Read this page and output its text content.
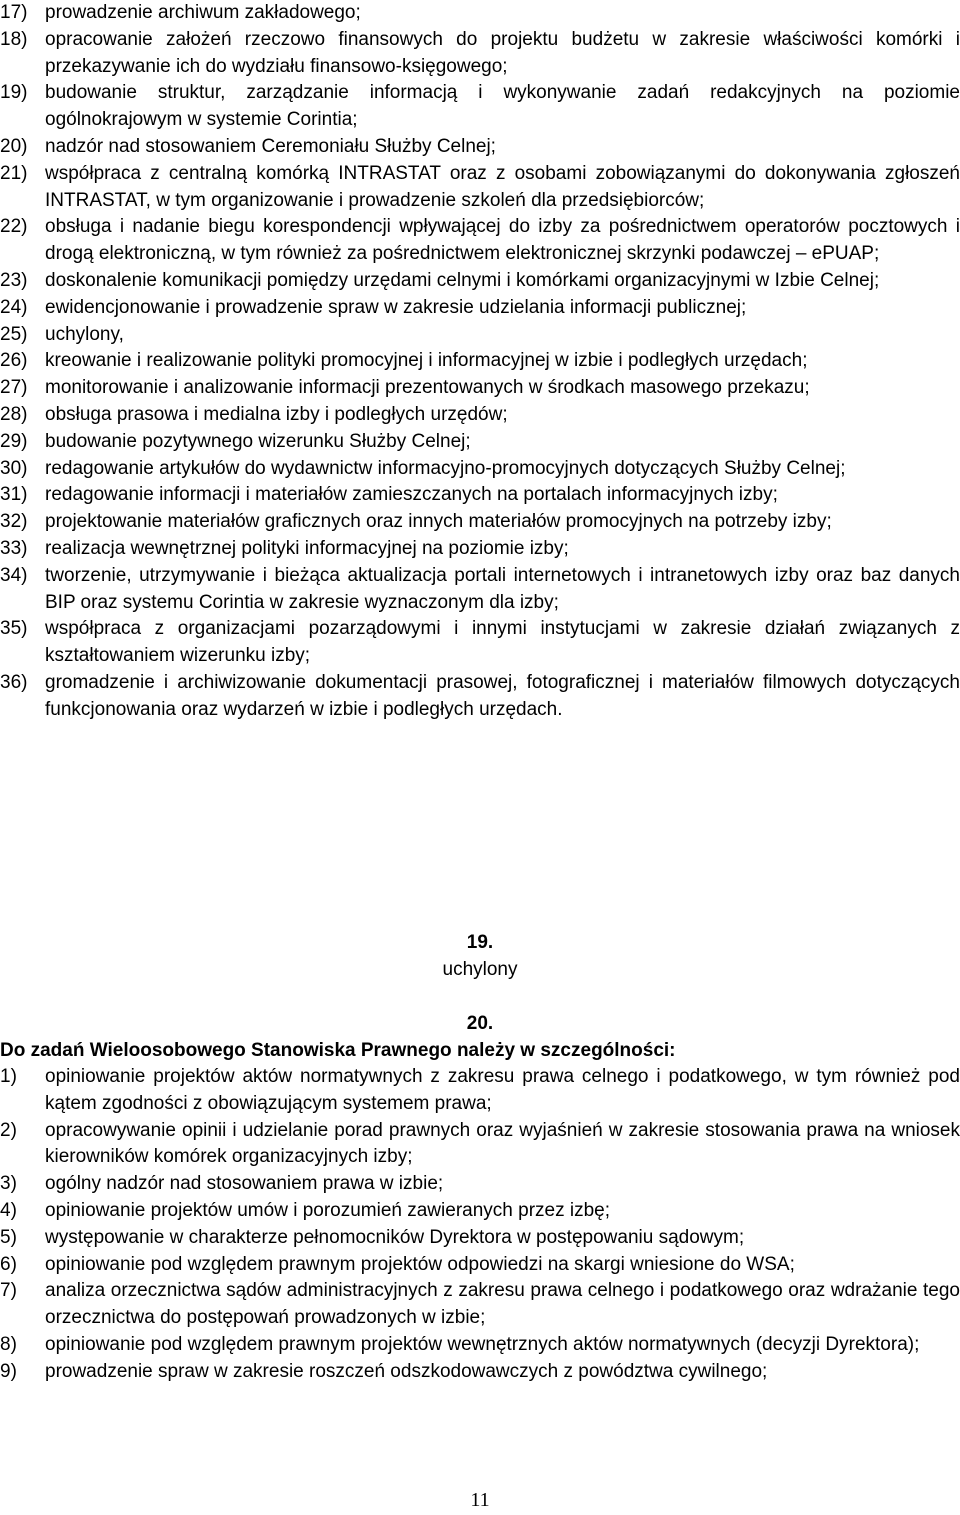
17) prowadzenie archiwum zakładowego;
18) opracowanie założeń rzeczowo finansowych do projektu budżetu w zakresie właściwości komórki i przekazywanie ich do wydziału finansowo-księgowego;
19) budowanie struktur, zarządzanie informacją i wykonywanie zadań redakcyjnych na poziomie ogólnokrajowym w systemie Corintia;
20) nadzór nad stosowaniem Ceremoniału Służby Celnej;
21) współpraca z centralną komórką INTRASTAT oraz z osobami zobowiązanymi do dokonywania zgłoszeń INTRASTAT, w tym organizowanie i prowadzenie szkoleń dla przedsiębiorców;
22) obsługa i nadanie biegu korespondencji wpływającej do izby za pośrednictwem operatorów pocztowych i drogą elektroniczną, w tym również za pośrednictwem elektronicznej skrzynki podawczej – ePUAP;
23) doskonalenie komunikacji pomiędzy urzędami celnymi i komórkami organizacyjnymi w Izbie Celnej;
24) ewidencjonowanie i prowadzenie spraw w zakresie udzielania informacji publicznej;
25) uchylony,
26) kreowanie i realizowanie polityki promocyjnej i informacyjnej w izbie i podległych urzędach;
27) monitorowanie i analizowanie informacji prezentowanych w środkach masowego przekazu;
28) obsługa prasowa i medialna izby i podległych urzędów;
29) budowanie pozytywnego wizerunku Służby Celnej;
30) redagowanie artykułów do wydawnictw informacyjno-promocyjnych dotyczących Służby Celnej;
31) redagowanie informacji i materiałów zamieszczanych na portalach informacyjnych izby;
32) projektowanie materiałów graficznych oraz innych materiałów promocyjnych na potrzeby izby;
33) realizacja wewnętrznej polityki informacyjnej na poziomie izby;
34) tworzenie, utrzymywanie i bieżąca aktualizacja portali internetowych i intranetowych izby oraz baz danych BIP oraz systemu Corintia w zakresie wyznaczonym dla izby;
35) współpraca z organizacjami pozarządowymi i innymi instytucjami w zakresie działań związanych z kształtowaniem wizerunku izby;
36) gromadzenie i archiwizowanie dokumentacji prasowej, fotograficznej i materiałów filmowych dotyczących funkcjonowania oraz wydarzeń w izbie i podległych urzędach.
19.
uchylony
20.
Do zadań Wieloosobowego Stanowiska Prawnego należy w szczególności:
1) opiniowanie projektów aktów normatywnych z zakresu prawa celnego i podatkowego, w tym również pod kątem zgodności z obowiązującym systemem prawa;
2) opracowywanie opinii i udzielanie porad prawnych oraz wyjaśnień w zakresie stosowania prawa na wniosek kierowników komórek organizacyjnych izby;
3) ogólny nadzór nad stosowaniem prawa w izbie;
4) opiniowanie projektów umów i porozumień zawieranych przez izbę;
5) występowanie w charakterze pełnomocników Dyrektora w postępowaniu sądowym;
6) opiniowanie pod względem prawnym projektów odpowiedzi na skargi wniesione do WSA;
7) analiza orzecznictwa sądów administracyjnych z zakresu prawa celnego i podatkowego oraz wdrażanie tego orzecznictwa do postępowań prowadzonych w izbie;
8) opiniowanie pod względem prawnym projektów wewnętrznych aktów normatywnych (decyzji Dyrektora);
9) prowadzenie spraw w zakresie roszczeń odszkodowawczych z powództwa cywilnego;
11
